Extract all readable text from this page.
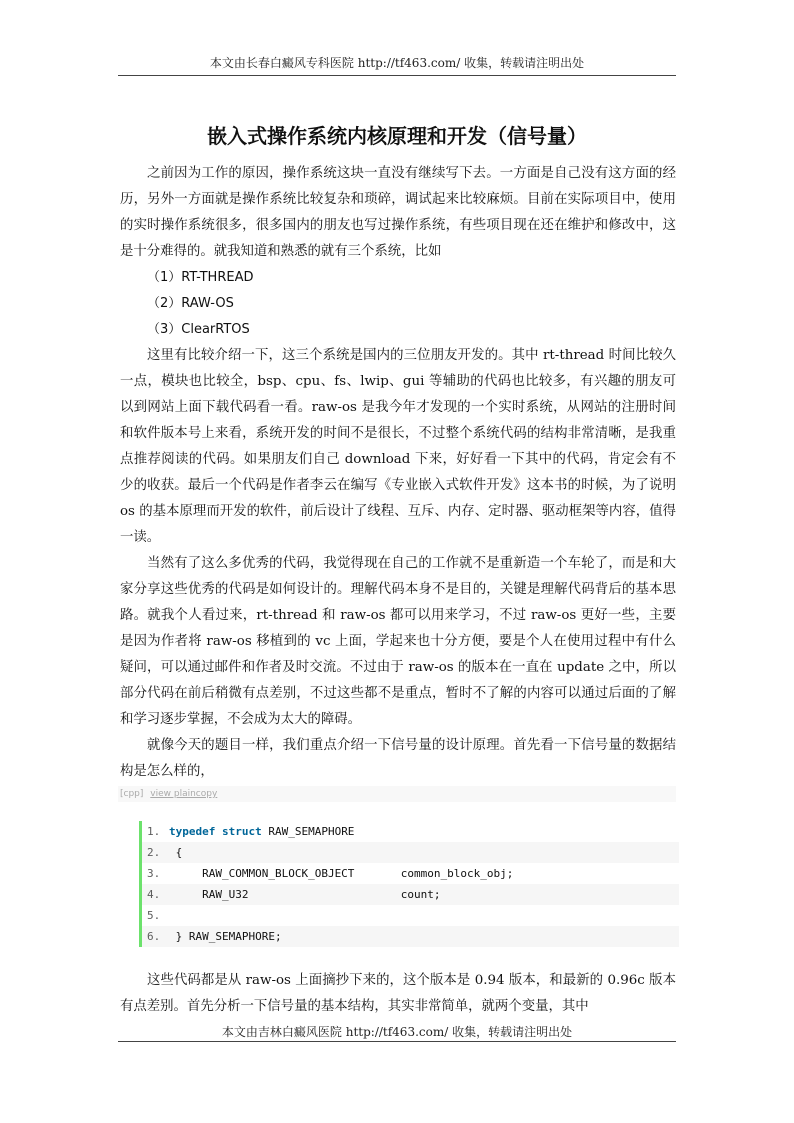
本文由长春白癜风专科医院 http://tf463.com/ 收集，转载请注明出处
嵌入式操作系统内核原理和开发（信号量）

之前因为工作的原因，操作系统这块一直没有继续写下去。一方面是自己没有这方面的经历，另外一方面就是操作系统比较复杂和琐碎，调试起来比较麻烦。目前在实际项目中，使用的实时操作系统很多，很多国内的朋友也写过操作系统，有些项目现在还在维护和修改中，这是十分难得的。就我知道和熟悉的就有三个系统，比如

（1）RT-THREAD

（2）RAW-OS

（3）ClearRTOS

这里有比较介绍一下，这三个系统是国内的三位朋友开发的。其中 rt-thread 时间比较久一点，模块也比较全，bsp、cpu、fs、lwip、gui 等辅助的代码也比较多，有兴趣的朋友可以到网站上面下载代码看一看。raw-os 是我今年才发现的一个实时系统，从网站的注册时间和软件版本号上来看，系统开发的时间不是很长，不过整个系统代码的结构非常清晰，是我重点推荐阅读的代码。如果朋友们自己 download 下来，好好看一下其中的代码，肯定会有不少的收获。最后一个代码是作者李云在编写《专业嵌入式软件开发》这本书的时候，为了说明 os 的基本原理而开发的软件，前后设计了线程、互斥、内存、定时器、驱动框架等内容，值得一读。

当然有了这么多优秀的代码，我觉得现在自己的工作就不是重新造一个车轮了，而是和大家分享这些优秀的代码是如何设计的。理解代码本身不是目的，关键是理解代码背后的基本思路。就我个人看过来，rt-thread 和 raw-os 都可以用来学习，不过 raw-os 更好一些，主要是因为作者将 raw-os 移植到的 vc 上面，学起来也十分方便，要是个人在使用过程中有什么疑问，可以通过邮件和作者及时交流。不过由于 raw-os 的版本在一直在 update 之中，所以部分代码在前后稍微有点差别，不过这些都不是重点，暂时不了解的内容可以通过后面的了解和学习逐步掌握，不会成为太大的障碍。

就像今天的题目一样，我们重点介绍一下信号量的设计原理。首先看一下信号量的数据结构是怎么样的，

[cpp] view plaincopy
1. typedef struct RAW_SEMAPHORE
2. {
3.     RAW_COMMON_BLOCK_OBJECT       common_block_obj;
4.     RAW_U32                       count;
5.
6. } RAW_SEMAPHORE;

这些代码都是从 raw-os 上面摘抄下来的，这个版本是 0.94 版本，和最新的 0.96c 版本有点差别。首先分析一下信号量的基本结构，其实非常简单，就两个变量，其中

本文由吉林白癜风医院 http://tf463.com/ 收集，转载请注明出处
